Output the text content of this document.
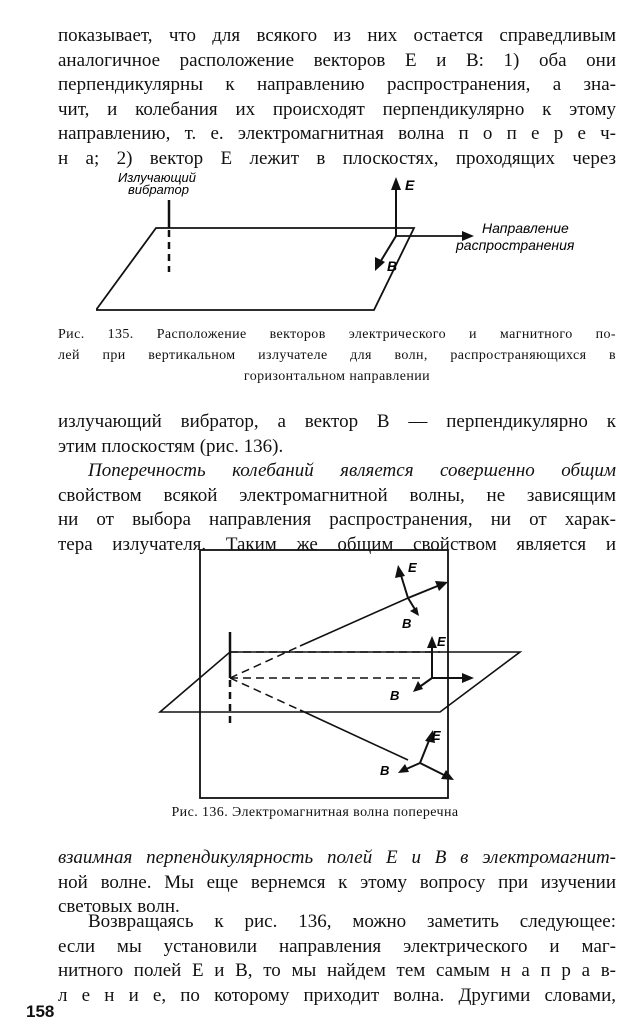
показывает, что для всякого из них остается справедливым
аналогичное расположение векторов E и B: 1) оба они
перпендикулярны к направлению распространения, а зна-
чит, и колебания их происходят перпендикулярно к этому
направлению, т. е. электромагнитная волна п о п е р е ч-
н а; 2) вектор E лежит в плоскостях, проходящих через
Излучающий
вибратор	E
B
Направление
распространения
Рис. 135. Расположение векторов электрического и магнитного по-
лей при вертикальном излучателе для волн, распространяющихся в
горизонтальном направлении
излучающий вибратор, а вектор B — перпендикулярно к
этим плоскостям (рис. 136).
Поперечность колебаний является совершенно общим
свойством всякой электромагнитной волны, не зависящим
ни от выбора направления распространения, ни от харак-
тера излучателя. Таким же общим свойством является и
E
B
E
B
E
B
Рис. 136. Электромагнитная волна поперечна
взаимная перпендикулярность полей E и B в электромагнит-
ной волне. Мы еще вернемся к этому вопросу при изучении
световых волн.
Возвращаясь к рис. 136, можно заметить следующее:
если мы установили направления электрического и маг-
нитного полей E и B, то мы найдем тем самым н а п р а в-
л е н и е, по которому приходит волна. Другими словами,
158
